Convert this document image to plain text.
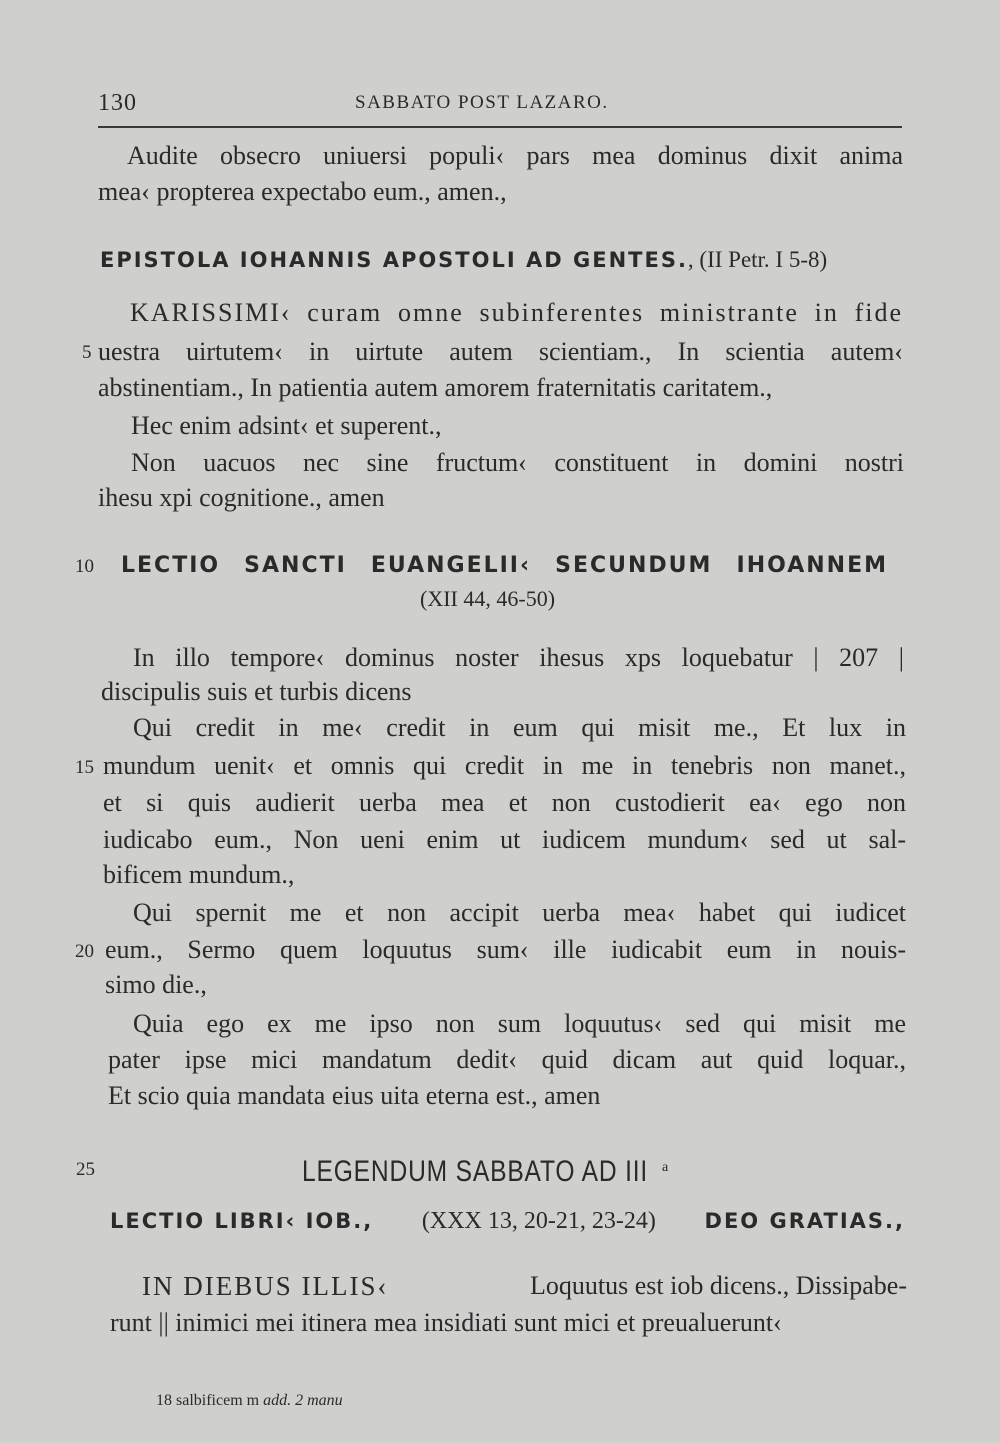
130	SABBATO POST LAZARO.
Audite obsecro uniuersi populi‹ pars mea dominus dixit anima
mea‹ propterea expectabo eum., amen.,
EPISTOLA IOHANNIS APOSTOLI AD GENTES., (II Petr. I 5-8)
KARISSIMI‹ curam omne subinferentes ministrante in fide
5 uestra uirtutem‹ in uirtute autem scientiam., In scientia autem‹
abstinentiam., In patientia autem amorem fraternitatis caritatem.,
Hec enim adsint‹ et superent.,
Non uacuos nec sine fructum‹ constituent in domini nostri
ihesu xpi cognitione., amen
10 LECTIO SANCTI EUANGELII‹ SECUNDUM IHOANNEM
(XII 44, 46-50)
In illo tempore‹ dominus noster ihesus xps loquebatur | 207 |
discipulis suis et turbis dicens
Qui credit in me‹ credit in eum qui misit me., Et lux in
15 mundum uenit‹ et omnis qui credit in me in tenebris non manet.,
et si quis audierit uerba mea et non custodierit ea‹ ego non
iudicabo eum., Non ueni enim ut iudicem mundum‹ sed ut sal-
bificem mundum.,
Qui spernit me et non accipit uerba mea‹ habet qui iudicet
20 eum., Sermo quem loquutus sum‹ ille iudicabit eum in nouis-
simo die.,
Quia ego ex me ipso non sum loquutus‹ sed qui misit me
pater ipse mici mandatum dedit‹ quid dicam aut quid loquar.,
Et scio quia mandata eius uita eterna est., amen
25	LEGENDUM SABBATO AD III $^a$
LECTIO LIBRI‹ IOB., (XXX 13, 20-21, 23-24) DEO GRATIAS.,
IN DIEBUS ILLIS‹	Loquutus est iob dicens., Dissipabe-
runt || inimici mei itinera mea insidiati sunt mici et preualuerunt‹
18 salbificem m add. 2 manu
